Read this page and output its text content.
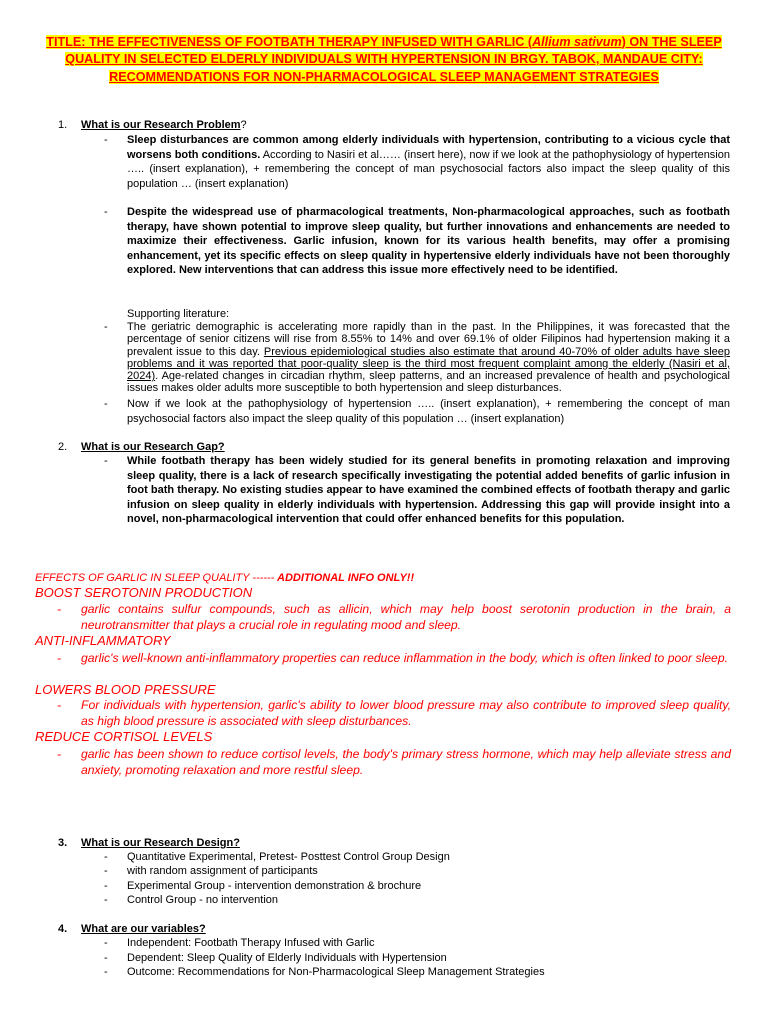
TITLE: THE EFFECTIVENESS OF FOOTBATH THERAPY INFUSED WITH GARLIC (Allium sativum) ON THE SLEEP QUALITY IN SELECTED ELDERLY INDIVIDUALS WITH HYPERTENSION IN BRGY. TABOK, MANDAUE CITY: RECOMMENDATIONS FOR NON-PHARMACOLOGICAL SLEEP MANAGEMENT STRATEGIES
1. What is our Research Problem?
- Sleep disturbances are common among elderly individuals with hypertension, contributing to a vicious cycle that worsens both conditions. According to Nasiri et al…… (insert here), now if we look at the pathophysiology of hypertension ….. (insert explanation), + remembering the concept of man psychosocial factors also impact the sleep quality of this population … (insert explanation)
- Despite the widespread use of pharmacological treatments, Non-pharmacological approaches, such as footbath therapy, have shown potential to improve sleep quality, but further innovations and enhancements are needed to maximize their effectiveness. Garlic infusion, known for its various health benefits, may offer a promising enhancement, yet its specific effects on sleep quality in hypertensive elderly individuals have not been thoroughly explored. New interventions that can address this issue more effectively need to be identified.
Supporting literature:
- The geriatric demographic is accelerating more rapidly than in the past. In the Philippines, it was forecasted that the percentage of senior citizens will rise from 8.55% to 14% and over 69.1% of older Filipinos had hypertension making it a prevalent issue to this day. Previous epidemiological studies also estimate that around 40-70% of older adults have sleep problems and it was reported that poor-quality sleep is the third most frequent complaint among the elderly (Nasiri et al, 2024). Age-related changes in circadian rhythm, sleep patterns, and an increased prevalence of health and psychological issues makes older adults more susceptible to both hypertension and sleep disturbances.
- Now if we look at the pathophysiology of hypertension ….. (insert explanation), + remembering the concept of man psychosocial factors also impact the sleep quality of this population … (insert explanation)
2. What is our Research Gap?
- While footbath therapy has been widely studied for its general benefits in promoting relaxation and improving sleep quality, there is a lack of research specifically investigating the potential added benefits of garlic infusion in foot bath therapy. No existing studies appear to have examined the combined effects of footbath therapy and garlic infusion on sleep quality in elderly individuals with hypertension. Addressing this gap will provide insight into a novel, non-pharmacological intervention that could offer enhanced benefits for this population.
EFFECTS OF GARLIC IN SLEEP QUALITY ------ ADDITIONAL INFO ONLY!!
BOOST SEROTONIN PRODUCTION
- garlic contains sulfur compounds, such as allicin, which may help boost serotonin production in the brain, a neurotransmitter that plays a crucial role in regulating mood and sleep.
ANTI-INFLAMMATORY
- garlic's well-known anti-inflammatory properties can reduce inflammation in the body, which is often linked to poor sleep.
LOWERS BLOOD PRESSURE
- For individuals with hypertension, garlic's ability to lower blood pressure may also contribute to improved sleep quality, as high blood pressure is associated with sleep disturbances.
REDUCE CORTISOL LEVELS
- garlic has been shown to reduce cortisol levels, the body's primary stress hormone, which may help alleviate stress and anxiety, promoting relaxation and more restful sleep.
3. What is our Research Design?
- Quantitative Experimental, Pretest- Posttest Control Group Design
- with random assignment of participants
- Experimental Group - intervention demonstration & brochure
- Control Group - no intervention
4. What are our variables?
- Independent: Footbath Therapy Infused with Garlic
- Dependent: Sleep Quality of Elderly Individuals with Hypertension
- Outcome: Recommendations for Non-Pharmacological Sleep Management Strategies
